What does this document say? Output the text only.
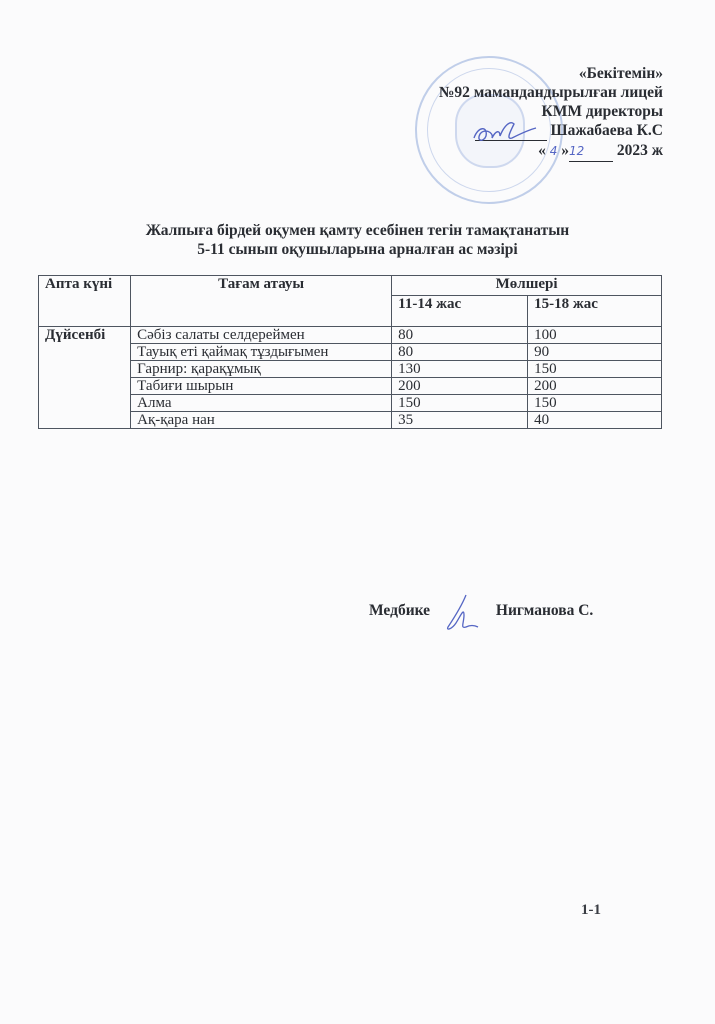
«Бекітемін»
№92 мамандандырылған лицей
КММ директоры
Шажабаева К.С
« 4 »12 2023 ж
Жалпыға бірдей оқумен қамту есебінен тегін тамақтанатын
5-11 сынып оқушыларына арналған ас мәзірі
Апта күні	Тағам атауы	Мөлшері	
		11-14 жас	15-18 жас
Дүйсенбі	Сәбіз салаты селдереймен	80	100
	Тауық еті қаймақ тұздығымен	80	90
	Гарнир: қарақұмық	130	150
	Табиғи шырын	200	200
	Алма	150	150
	Ақ-қара нан	35	40
Медбике	Нигманова С.
1-1
